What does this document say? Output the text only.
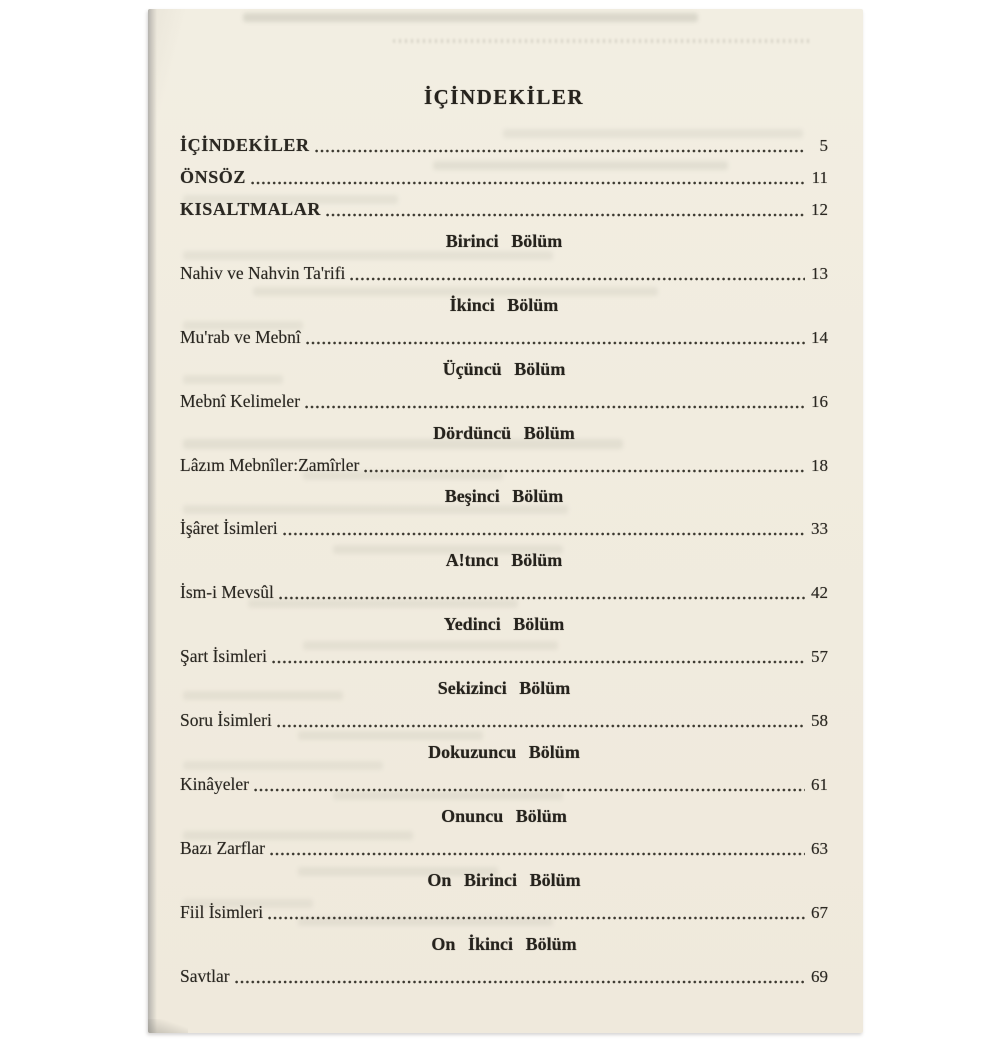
İÇİNDEKİLER
İÇİNDEKİLER	5
ÖNSÖZ	11
KISALTMALAR	12
Birinci Bölüm
Nahiv ve Nahvin Ta'rifi	13
İkinci Bölüm
Mu'rab ve Mebnî	14
Üçüncü Bölüm
Mebnî Kelimeler	16
Dördüncü Bölüm
Lâzım Mebnîler:Zamîrler	18
Beşinci Bölüm
İşâret İsimleri	33
A!tıncı Bölüm
İsm-i Mevsûl	42
Yedinci Bölüm
Şart İsimleri	57
Sekizinci Bölüm
Soru İsimleri	58
Dokuzuncu Bölüm
Kinâyeler	61
Onuncu Bölüm
Bazı Zarflar	63
On Birinci Bölüm
Fiil İsimleri	67
On İkinci Bölüm
Savtlar	69
